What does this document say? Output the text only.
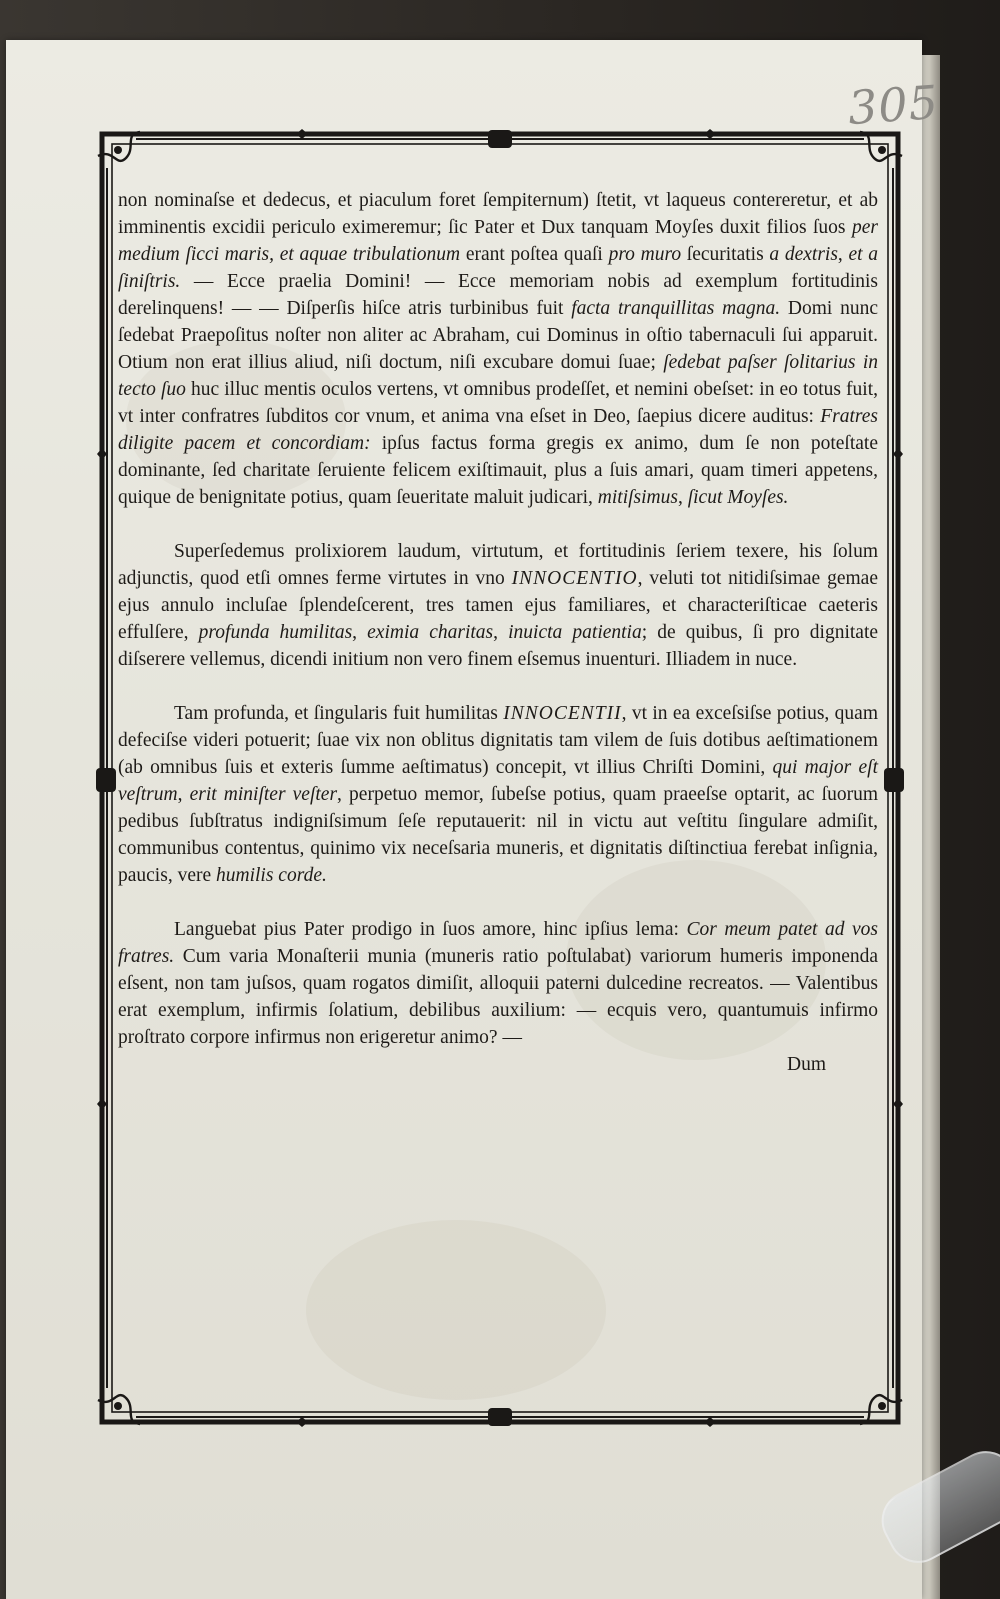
305

non nominaſse et dedecus, et piaculum foret ſempiternum) ſtetit, vt laqueus contereretur, et ab imminentis excidii periculo eximeremur; ſic Pater et Dux tanquam Moyſes duxit filios ſuos per medium ſicci maris, et aquae tribulationum erant poſtea quaſi pro muro ſecuritatis a dextris, et a ſiniſtris. — Ecce praelia Domini! — Ecce memoriam nobis ad exemplum fortitudinis derelinquens! — — Diſperſis hiſce atris turbinibus fuit facta tranquillitas magna. Domi nunc ſedebat Praepoſitus noſter non aliter ac Abraham, cui Dominus in oſtio tabernaculi ſui apparuit. Otium non erat illius aliud, niſi doctum, niſi excubare domui ſuae; ſedebat paſser ſolitarius in tecto ſuo huc illuc mentis oculos vertens, vt omnibus prodeſſet, et nemini obeſset: in eo totus fuit, vt inter confratres ſubditos cor vnum, et anima vna eſset in Deo, ſaepius dicere auditus: Fratres diligite pacem et concordiam: ipſus factus forma gregis ex animo, dum ſe non poteſtate dominante, ſed charitate ſeruiente felicem exiſtimauit, plus a ſuis amari, quam timeri appetens, quique de benignitate potius, quam ſeueritate maluit judicari, mitiſsimus, ſicut Moyſes.

Superſedemus prolixiorem laudum, virtutum, et fortitudinis ſeriem texere, his ſolum adjunctis, quod etſi omnes ferme virtutes in vno INNOCENTIO, veluti tot nitidiſsimae gemae ejus annulo incluſae ſplendeſcerent, tres tamen ejus familiares, et characteriſticae caeteris effulſere, profunda humilitas, eximia charitas, inuicta patientia; de quibus, ſi pro dignitate diſserere vellemus, dicendi initium non vero finem eſsemus inuenturi. Illiadem in nuce.

Tam profunda, et ſingularis fuit humilitas INNOCENTII, vt in ea exceſsiſse potius, quam defeciſse videri potuerit; ſuae vix non oblitus dignitatis tam vilem de ſuis dotibus aeſtimationem (ab omnibus ſuis et exteris ſumme aeſtimatus) concepit, vt illius Chriſti Domini, qui major eſt veſtrum, erit miniſter veſter, perpetuo memor, ſubeſse potius, quam praeeſse optarit, ac ſuorum pedibus ſubſtratus indigniſsimum ſeſe reputauerit: nil in victu aut veſtitu ſingulare admiſit, communibus contentus, quinimo vix neceſsaria muneris, et dignitatis diſtinctiua ferebat inſignia, paucis, vere humilis corde.

Languebat pius Pater prodigo in ſuos amore, hinc ipſius lema: Cor meum patet ad vos fratres. Cum varia Monaſterii munia (muneris ratio poſtulabat) variorum humeris imponenda eſsent, non tam juſsos, quam rogatos dimiſit, alloquii paterni dulcedine recreatos. — Valentibus erat exemplum, infirmis ſolatium, debilibus auxilium: — ecquis vero, quantumuis infirmo proſtrato corpore infirmus non erigeretur animo? —

Dum
